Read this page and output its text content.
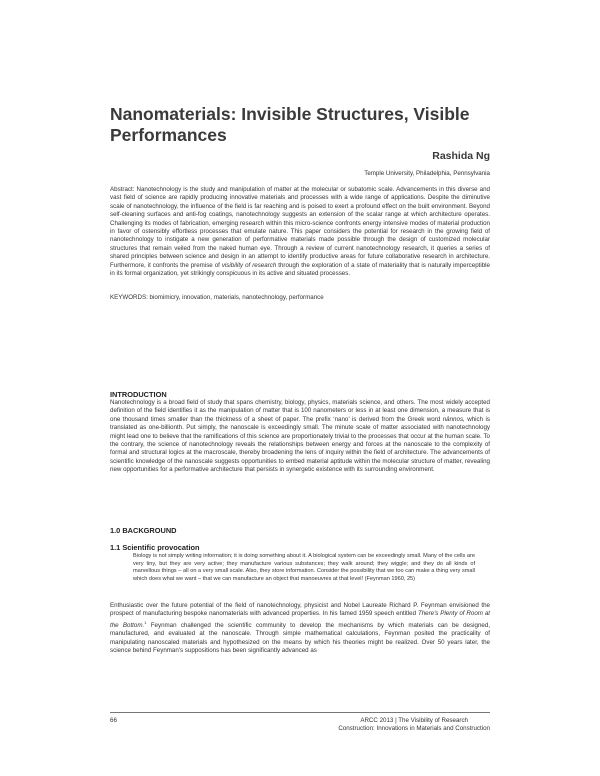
Nanomaterials: Invisible Structures, Visible Performances
Rashida Ng
Temple University, Philadelphia, Pennsylvania

Abstract: Nanotechnology is the study and manipulation of matter at the molecular or subatomic scale. Advancements in this diverse and vast field of science are rapidly producing innovative materials and processes with a wide range of applications. Despite the diminutive scale of nanotechnology, the influence of the field is far reaching and is poised to exert a profound effect on the built environment. Beyond self-cleaning surfaces and anti-fog coatings, nanotechnology suggests an extension of the scalar range at which architecture operates. Challenging its modes of fabrication, emerging research within this micro-science confronts energy intensive modes of material production in favor of ostensibly effortless processes that emulate nature. This paper considers the potential for research in the growing field of nanotechnology to instigate a new generation of performative materials made possible through the design of customized molecular structures that remain veiled from the naked human eye. Through a review of current nanotechnology research, it queries a series of shared principles between science and design in an attempt to identify productive areas for future collaborative research in architecture. Furthermore, it confronts the premise of visibility of research through the exploration of a state of materiality that is naturally imperceptible in its formal organization, yet strikingly conspicuous in its active and situated processes.

KEYWORDS: biomimicry, innovation, materials, nanotechnology, performance

INTRODUCTION

Nanotechnology is a broad field of study that spans chemistry, biology, physics, materials science, and others. The most widely accepted definition of the field identifies it as the manipulation of matter that is 100 nanometers or less in at least one dimension, a measure that is one thousand times smaller than the thickness of a sheet of paper. The prefix ‘nano’ is derived from the Greek word nânnos, which is translated as one-billionth. Put simply, the nanoscale is exceedingly small. The minute scale of matter associated with nanotechnology might lead one to believe that the ramifications of this science are proportionately trivial to the processes that occur at the human scale. To the contrary, the science of nanotechnology reveals the relationships between energy and forces at the nanoscale to the complexity of formal and structural logics at the macroscale, thereby broadening the lens of inquiry within the field of architecture. The advancements of scientific knowledge of the nanoscale suggests opportunities to embed material aptitude within the molecular structure of matter, revealing new opportunities for a performative architecture that persists in synergetic existence with its surrounding environment.

1.0 BACKGROUND
1.1 Scientific provocation

Biology is not simply writing information; it is doing something about it. A biological system can be exceedingly small. Many of the cells are very tiny, but they are very active; they manufacture various substances; they walk around; they wiggle; and they do all kinds of marvellous things – all on a very small scale. Also, they store information. Consider the possibility that we too can make a thing very small which does what we want – that we can manufacture an object that manoeuvres at that level! (Feynman 1960, 25)

Enthusiastic over the future potential of the field of nanotechnology, physicist and Nobel Laureate Richard P. Feynman envisioned the prospect of manufacturing bespoke nanomaterials with advanced properties. In his famed 1959 speech entitled There's Plenty of Room at the Bottom.$^1$ Feynman challenged the scientific community to develop the mechanisms by which materials can be designed, manufactured, and evaluated at the nanoscale. Through simple mathematical calculations, Feynman posited the practicality of manipulating nanoscaled materials and hypothesized on the means by which his theories might be realized. Over 50 years later, the science behind Feynman's suppositions has been significantly advanced as

66	ARCC 2013 | The Visibility of Research
Construction: Innovations in Materials and Construction
